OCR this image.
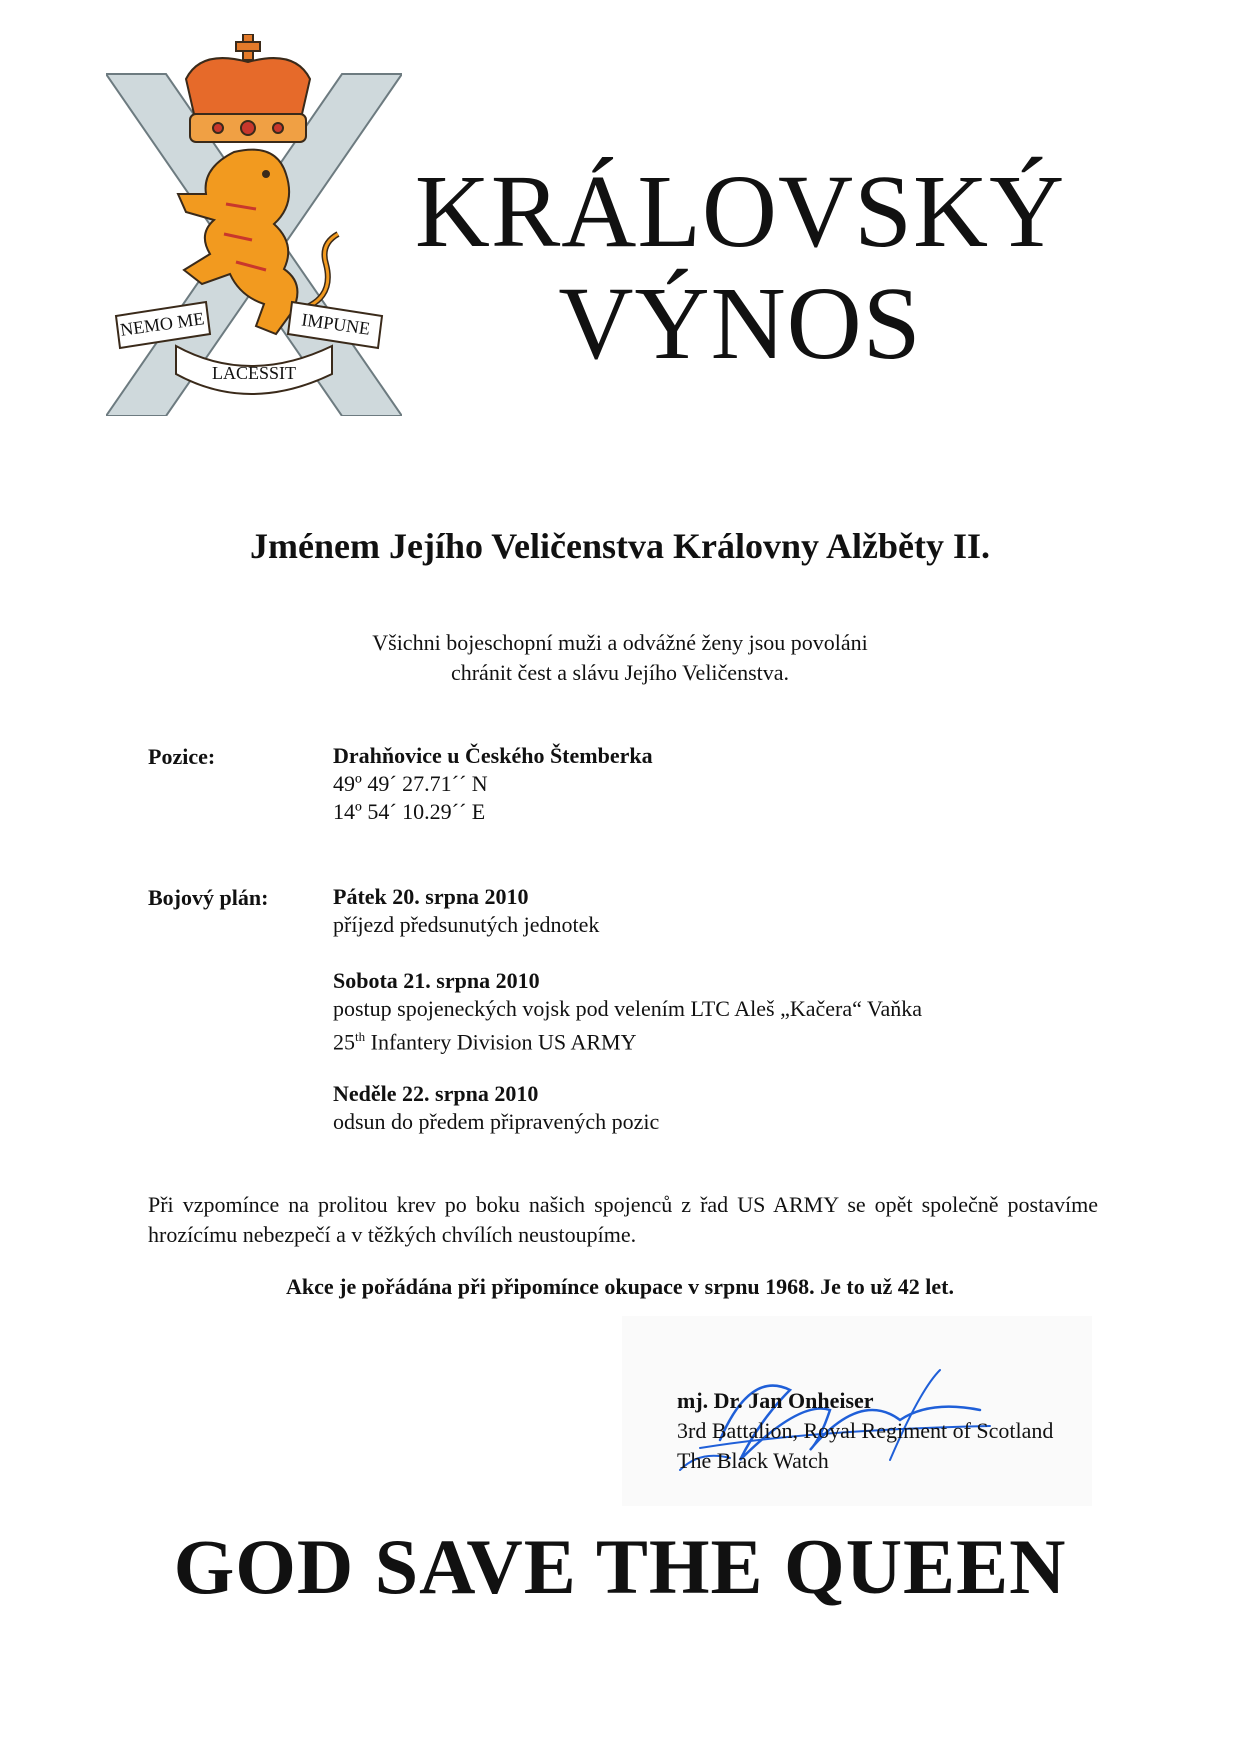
NEMO ME	IMPUNE
LACESSIT
KRÁLOVSKÝ
VÝNOS
Jménem Jejího Veličenstva Královny Alžběty II.
Všichni bojeschopní muži a odvážné ženy jsou povoláni
chránit čest a slávu Jejího Veličenstva.
Pozice:	Drahňovice u Českého Štemberka
49º 49´ 27.71´´ N
14º 54´ 10.29´´ E
Bojový plán:	Pátek 20. srpna 2010
příjezd předsunutých jednotek
Sobota 21. srpna 2010
postup spojeneckých vojsk pod velením LTC Aleš „Kačera“ Vaňka
25th Infantery Division US ARMY
Neděle 22. srpna 2010
odsun do předem připravených pozic
Při vzpomínce na prolitou krev po boku našich spojenců z řad US ARMY se opět společně postavíme hrozícímu nebezpečí a v těžkých chvílích neustoupíme.
Akce je pořádána při připomínce okupace v srpnu 1968. Je to už 42 let.
mj. Dr. Jan Onheiser
3rd Battalion, Royal Regiment of Scotland
The Black Watch
GOD SAVE THE QUEEN
